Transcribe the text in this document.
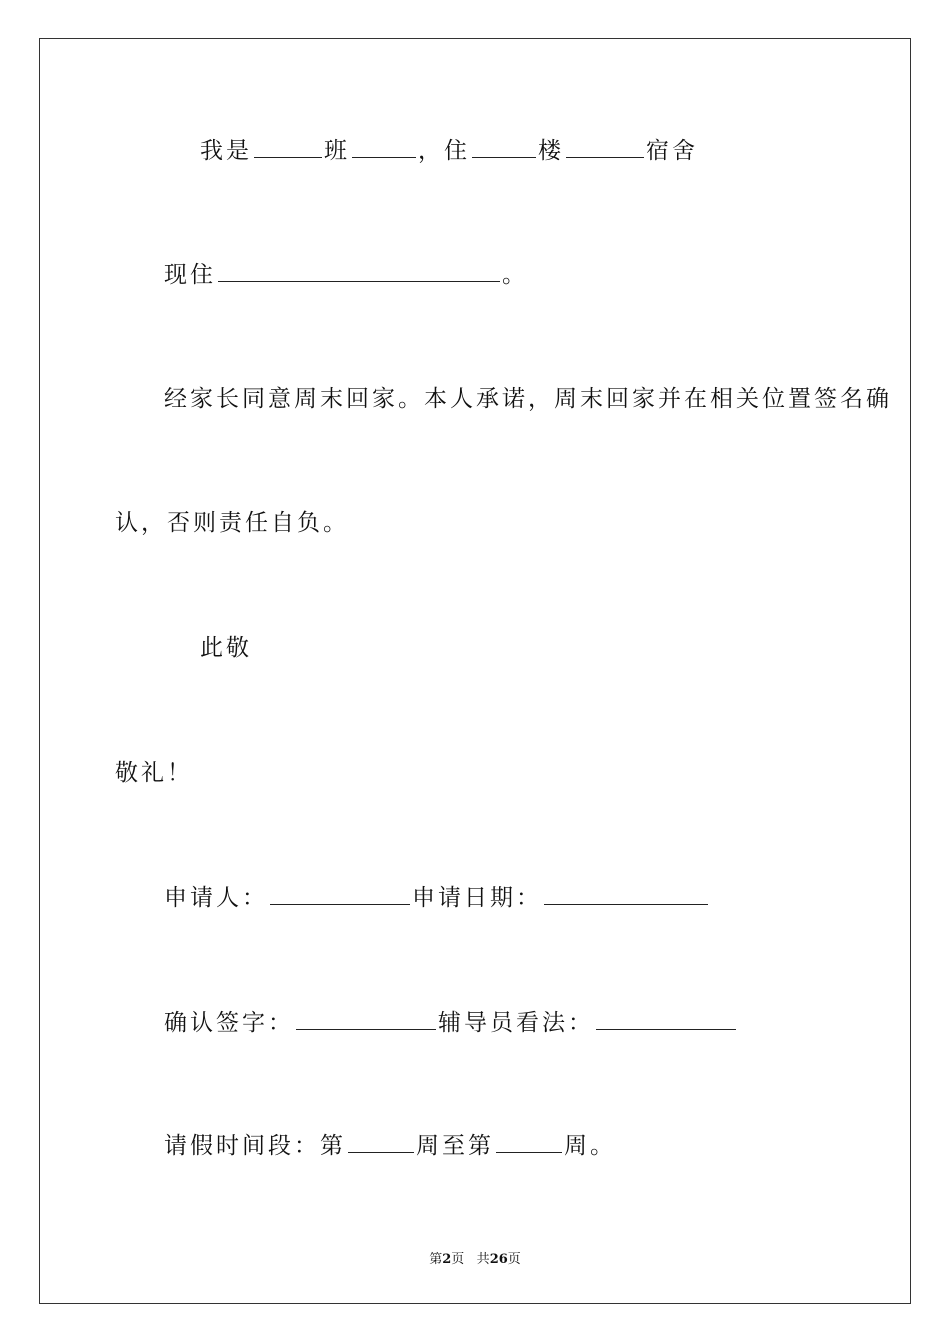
我是	班	，住	楼	宿舍
现住	。
经家长同意周末回家。本人承诺，周末回家并在相关位置签名确
认，否则责任自负。
此敬
敬礼！
申请人：	申请日期：
确认签字：	辅导员看法：
请假时间段：第	周至第	周。
第2页 共26页
